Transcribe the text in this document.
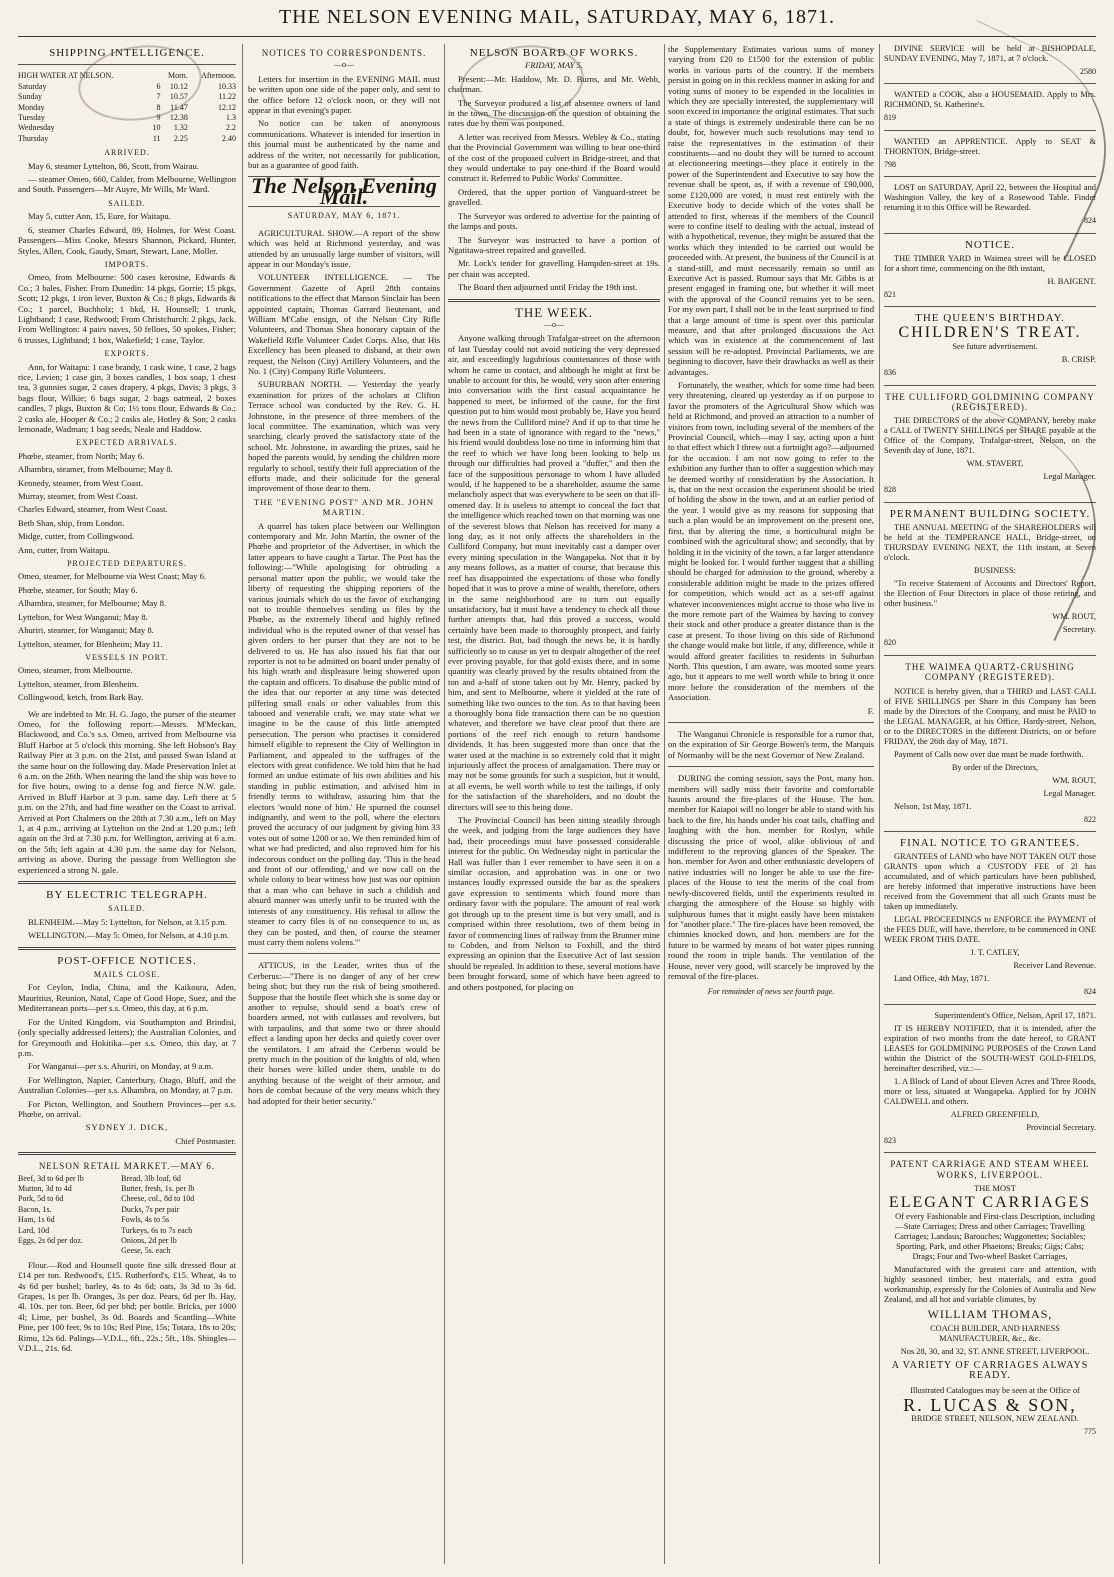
THE NELSON EVENING MAIL, SATURDAY, MAY 6, 1871.
SHIPPING INTELLIGENCE.
HIGH WATER AT NELSON.		Morn.	Afternoon.
Saturday	6	10.12	10.33
Sunday	7	10.57	11.22
Monday	8	11.47	12.12
Tuesday	9	12.38	1.3
Wednesday	10	1.32	2.2
Thursday	11	2.25	2.40
ARRIVED.

May 6, steamer Lyttelton, 86, Scott, from Wairau.

— steamer Omeo, 660, Calder, from Melbourne, Wellington and South. Passengers—Mr Auyre, Mr Wills, Mr Ward.

SAILED.

May 5, cutter Ann, 15, Eure, for Waitapu.

6, steamer Charles Edward, 89, Holmes, for West Coast. Passengers—Miss Cooke, Messrs Shannon, Pickard, Hunter, Styles, Allen, Cook, Gaudy, Smart, Stewart, Lane, Moller.

IMPORTS.

Omeo, from Melbourne: 500 cases kerosine, Edwards & Co.; 3 bales, Fisher. From Dunedin: 14 pkgs, Gorrie; 15 pkgs, Scott; 12 pkgs, 1 iron lever, Buxton & Co.; 8 pkgs, Edwards & Co.; 1 parcel, Buchholz; 1 bkd, H. Hounsell; 1 trunk, Lightband; 1 case, Redwood; From Christchurch: 2 pkgs, Jack. From Wellington: 4 pairs naves, 50 felloes, 50 spokes, Fisher; 6 trusses, Lightband; 1 box, Wakefield; 1 case, Taylor.

EXPORTS.

Ann, for Waitapu: 1 case brandy, 1 cask wine, 1 case, 2 bags rice, Levien; 1 case gin, 3 boxes candles, 1 box soap, 1 chest tea, 3 gunnies sugar, 2 cases drapery, 4 pkgs, Davis; 3 pkgs, 3 bags flour, Wilkie; 6 bags sugar, 2 bags oatmeal, 2 boxes candles, 7 pkgs, Buxton & Co; 1½ tons flour, Edwards & Co.; 2 casks ale, Hooper & Co.; 2 casks ale, Hotley & Son; 2 casks lemonade, Wadman; 1 bag seeds, Neale and Haddow.

EXPECTED ARRIVALS.

Phœbe, steamer, from North; May 6.

Alhambra, steamer, from Melbourne; May 8.

Kennedy, steamer, from West Coast.

Murray, steamer, from West Coast.

Charles Edward, steamer, from West Coast.

Beth Shan, ship, from London.

Midge, cutter, from Collingwood.

Ann, cutter, from Waitapu.

PROJECTED DEPARTURES.

Omeo, steamer, for Melbourne via West Coast; May 6.

Phœbe, steamer, for South; May 6.

Alhambra, steamer, for Melbourne; May 8.

Lyttelton, for West Wanganui; May 8.

Ahuriri, steamer, for Wanganui; May 8.

Lyttelton, steamer, for Blenheim; May 11.

VESSELS IN PORT.

Omeo, steamer, from Melbourne.

Lyttelton, steamer, from Blenheim.

Collingwood, ketch, from Bark Bay.

We are indebted to Mr. H. G. Jago, the purser of the steamer Omeo, for the following report:—Messrs. M'Meckan, Blackwood, and Co.'s s.s. Omeo, arrived from Melbourne via Bluff Harbor at 5 o'clock this morning. She left Hobson's Bay Railway Pier at 3 p.m. on the 21st, and passed Swan Island at the same hour on the following day. Made Preservation Inlet at 6 a.m. on the 26th. When nearing the land the ship was hove to for five hours, owing to a dense fog and fierce N.W. gale. Arrived in Bluff Harbor at 3 p.m. same day. Left there at 5 p.m. on the 27th, and had fine weather on the Coast to arrival. Arrived at Port Chalmers on the 28th at 7.30 a.m., left on May 1, at 4 p.m., arriving at Lyttelton on the 2nd at 1.20 p.m.; left again on the 3rd at 7.30 p.m. for Wellington, arriving at 6 a.m. on the 5th; left again at 4.30 p.m. the same day for Nelson, arriving as above. During the passage from Wellington she experienced a strong N. gale.

BY ELECTRIC TELEGRAPH.
SAILED.

BLENHEIM.—May 5: Lyttelton, for Nelson, at 3.15 p.m.

WELLINGTON.—May 5: Omeo, for Nelson, at 4.10 p.m.

POST-OFFICE NOTICES.
MAILS CLOSE.

For Ceylon, India, China, and the Kaikoura, Aden, Mauritius, Reunion, Natal, Cape of Good Hope, Suez, and the Mediterranean ports—per s.s. Omeo, this day, at 6 p.m.

For the United Kingdom, via Southampton and Brindisi, (only specially addressed letters); the Australian Colonies, and for Greymouth and Hokitika—per s.s. Omeo, this day, at 7 p.m.

For Wanganui—per s.s. Ahuriri, on Monday, at 9 a.m.

For Wellington, Napier, Canterbury, Otago, Bluff, and the Australian Colonies—per s.s. Alhambra, on Monday, at 7 p.m.

For Picton, Wellington, and Southern Provinces—per s.s. Phœbe, on arrival.

SYDNEY J. DICK,

Chief Postmaster.

NELSON RETAIL MARKET.—MAY 6.
Beef, 3d to 6d per lb	Bread, 3lb loaf, 6d
Mutton, 3d to 4d	Butter, fresh, 1s. per lb
Pork, 5d to 6d	Cheese, col., 8d to 10d
Bacon, 1s.	Ducks, 7s per pair
Ham, 1s 6d	Fowls, 4s to 5s
Lard, 10d	Turkeys, 6s to 7s each
Eggs, 2s 6d per doz.	Onions, 2d per lb
	Geese, 5s. each

Flour.—Rod and Hounsell quote fine silk dressed flour at £14 per ton. Redwood's, £15. Rutherford's, £15. Wheat, 4s to 4s 6d per bushel; barley, 4s to 4s 6d; oats, 3s 3d to 3s 6d. Grapes, 1s per lb. Oranges, 3s per doz. Pears, 6d per lb. Hay, 4l. 10s. per ton. Beer, 6d per bhd; per bottle. Bricks, per 1000 4l; Lime, per bushel, 3s 0d. Boards and Scantling—White Pine, per 100 feet, 9s to 10s; Red Pine, 15s; Totara, 18s to 20s; Rimu, 12s 6d. Palings—V.D.L., 6ft., 22s.; 5ft., 18s. Shingles—V.D.L., 21s. 6d.

NOTICES TO CORRESPONDENTS.
—o—

Letters for insertion in the EVENING MAIL must be written upon one side of the paper only, and sent to the office before 12 o'clock noon, or they will not appear in that evening's paper.

No notice can be taken of anonymous communications. Whatever is intended for insertion in this journal must be authenticated by the name and address of the writer, not necessarily for publication, but as a guarantee of good faith.

The Nelson Evening Mail.
SATURDAY, MAY 6, 1871.

AGRICULTURAL SHOW.—A report of the show which was held at Richmond yesterday, and was attended by an unusually large number of visitors, will appear in our Monday's issue.

VOLUNTEER INTELLIGENCE. — The Government Gazette of April 28th contains notifications to the effect that Manson Sinclair has been appointed captain, Thomas Garrard lieutenant, and William M'Cabe ensign, of the Nelson City Rifle Volunteers, and Thomas Shea honorary captain of the Wakefield Rifle Volunteer Cadet Corps. Also, that His Excellency has been pleased to disband, at their own request, the Nelson (City) Artillery Volunteers, and the No. 1 (City) Company Rifle Volunteers.

SUBURBAN NORTH. — Yesterday the yearly examination for prizes of the scholars at Clifton Terrace school was conducted by the Rev. G. H. Johnstone, in the presence of three members of the local committee. The examination, which was very searching, clearly proved the satisfactory state of the school. Mr. Johnstone, in awarding the prizes, said he hoped the parents would, by sending the children more regularly to school, testify their full appreciation of the efforts made, and their solicitude for the general improvement of those dear to them.

THE "EVENING POST" AND MR. JOHN MARTIN.

A quarrel has taken place between our Wellington contemporary and Mr. John Martin, the owner of the Phœbe and proprietor of the Advertiser, in which the latter appears to have caught a Tartar. The Post has the following:—"While apologising for obtruding a personal matter upon the public, we would take the liberty of requesting the shipping reporters of the various journals which do us the favor of exchanging not to trouble themselves sending us files by the Phœbe, as the extremely liberal and highly refined individual who is the reputed owner of that vessel has given orders to her purser that they are not to be delivered to us. He has also issued his fiat that our reporter is not to be admitted on board under penalty of his high wrath and displeasure being showered upon the captain and officers. To disabuse the public mind of the idea that our reporter at any time was detected pilfering small coals or other valuables from this tabooed and venerable craft, we may state what we imagine to be the cause of this little attempted persecution. The person who practises it considered himself eligible to represent the City of Wellington in Parliament, and appealed to the suffrages of the electors with great confidence. We told him that he had formed an undue estimate of his own abilities and his standing in public estimation, and advised him in friendly terms to withdraw, assuring him that the electors 'would none of him.' He spurned the counsel indignantly, and went to the poll, where the electors proved the accuracy of our judgment by giving him 33 votes out of some 1200 or so. We then reminded him of what we had predicted, and also reproved him for his indecorous conduct on the polling day. 'This is the head and front of our offending,' and we now call on the whole colony to bear witness how just was our opinion that a man who can behave in such a childish and absurd manner was utterly unfit to be trusted with the interests of any constituency. His refusal to allow the steamer to carry files is of no consequence to us, as they can be posted, and then, of course the steamer must carry them nolens volens.'"

ATTICUS, in the Leader, writes thus of the Cerberus:—"There is no danger of any of her crew being shot; but they run the risk of being smothered. Suppose that the hostile fleet which she is some day or another to repulse, should send a boat's crew of boarders armed, not with cutlasses and revolvers, but with tarpaulins, and that some two or three should effect a landing upon her decks and quietly cover over the ventilators. I am afraid the Cerberus would be pretty much in the position of the knights of old, when their horses were killed under them, unable to do anything because of the weight of their armour, and hors de combat because of the very means which they had adopted for their better security."

NELSON BOARD OF WORKS.

FRIDAY, MAY 5.

Present:—Mr. Haddow, Mr. D. Burns, and Mr. Webb, chairman.

The Surveyor produced a list of absentee owners of land in the town. The discussion on the question of obtaining the rates due by them was postponed.

A letter was received from Messrs. Webley & Co., stating that the Provincial Government was willing to bear one-third of the cost of the proposed culvert in Bridge-street, and that they would undertake to pay one-third if the Board would construct it. Referred to Public Works' Committee.

Ordered, that the upper portion of Vanguard-street be gravelled.

The Surveyor was ordered to advertise for the painting of the lamps and posts.

The Surveyor was instructed to have a portion of Ngatitawa-street repaired and gravelled.

Mr. Lock's tender for gravelling Hampden-street at 19s. per chain was accepted.

The Board then adjourned until Friday the 19th inst.

THE WEEK.
—o—

Anyone walking through Trafalgar-street on the afternoon of last Tuesday could not avoid noticing the very depressed air, and exceedingly lugubrious countenances of those with whom he came in contact, and although he might at first be unable to account for this, he would, very soon after entering into conversation with the first casual acquaintance he happened to meet, be informed of the cause, for the first question put to him would most probably be, Have you heard the news from the Culliford mine? And if up to that time he had been in a state of ignorance with regard to the "news," his friend would doubtless lose no time in informing him that the reef to which we have long been looking to help us through our difficulties had proved a "duffer," and then the face of the suppositious personage to whom I have alluded would, if he happened to be a shareholder, assume the same melancholy aspect that was everywhere to be seen on that ill-omened day. It is useless to attempt to conceal the fact that the intelligence which reached town on that morning was one of the severest blows that Nelson has received for many a long day, as it not only affects the shareholders in the Culliford Company, but must inevitably cast a damper over every mining speculation in the Wangapeka. Not that it by any means follows, as a matter of course, that because this reef has disappointed the expectations of those who fondly hoped that it was to prove a mine of wealth, therefore, others in the same neighborhood are to turn out equally unsatisfactory, but it must have a tendency to check all those further attempts that, had this proved a success, would certainly have been made to thoroughly prospect, and fairly test, the district. But, bad though the news be, it is hardly sufficiently so to cause us yet to despair altogether of the reef ever proving payable, for that gold exists there, and in some quantity was clearly proved by the results obtained from the ton and a-half of stone taken out by Mr. Henry, packed by him, and sent to Melbourne, where it yielded at the rate of something like two ounces to the ton. As to that having been a thoroughly bona fide transaction there can be no question whatever, and therefore we have clear proof that there are portions of the reef rich enough to return handsome dividends. It has been suggested more than once that the water used at the machine is so extremely cold that it might injuriously affect the process of amalgamation. There may or may not be some grounds for such a suspicion, but it would, at all events, be well worth while to test the tailings, if only for the satisfaction of the shareholders, and no doubt the directors will see to this being done.

The Provincial Council has been sitting steadily through the week, and judging from the large audiences they have had, their proceedings must have possessed considerable interest for the public. On Wednesday night in particular the Hall was fuller than I ever remember to have seen it on a similar occasion, and approbation was in one or two instances loudly expressed outside the bar as the speakers gave expression to sentiments which found more than ordinary favor with the populace. The amount of real work got through up to the present time is but very small, and is comprised within three resolutions, two of them being in favor of commencing lines of railway from the Brunner mine to Cobden, and from Nelson to Foxhill, and the third expressing an opinion that the Executive Act of last session should be repealed. In addition to these, several motions have been brought forward, some of which have been agreed to and others postponed, for placing on

the Supplementary Estimates various sums of money varying from £20 to £1500 for the extension of public works in various parts of the country. If the members persist in going on in this reckless manner in asking for and voting sums of money to be expended in the localities in which they are specially interested, the supplementary will soon exceed in importance the original estimates. That such a state of things is extremely undesirable there can be no doubt, for, however much such resolutions may tend to raise the representatives in the estimation of their constituents—and no doubt they will be turned to account at electioneering meetings—they place it entirely in the power of the Superintendent and Executive to say how the revenue shall be spent, as, if with a revenue of £90,000, some £120,000 are voted, it must rest entirely with the Executive body to decide which of the votes shall be attended to first, whereas if the members of the Council were to confine itself to dealing with the actual, instead of with a hypothetical, revenue, they might be assured that the works which they intended to be carried out would be proceeded with. At present, the business of the Council is at a stand-still, and must necessarily remain so until an Executive Act is passed. Rumour says that Mr. Gibbs is at present engaged in framing one, but whether it will meet with the approval of the Council remains yet to be seen. For my own part, I shall not be in the least surprised to find that a large amount of time is spent over this particular measure, and that after prolonged discussions the Act which was in existence at the commencement of last session will be re-adopted. Provincial Parliaments, we are beginning to discover, have their drawbacks as well as their advantages.

Fortunately, the weather, which for some time had been very threatening, cleared up yesterday as if on purpose to favor the promoters of the Agricultural Show which was held at Richmond, and proved an attraction to a number of visitors from town, including several of the members of the Provincial Council, which—may I say, acting upon a hint to that effect which I threw out a fortnight ago?—adjourned for the occasion. I am not now going to refer to the exhibition any further than to offer a suggestion which may be deemed worthy of consideration by the Association. It is, that on the next occasion the experiment should be tried of holding the show in the town, and at an earlier period of the year. I would give as my reasons for supposing that such a plan would be an improvement on the present one, first, that by altering the time, a horticultural might be combined with the agricultural show; and secondly, that by holding it in the vicinity of the town, a far larger attendance might be looked for. I would further suggest that a shilling should be charged for admission to the ground, whereby a considerable addition might be made to the prizes offered for competition, which would act as a set-off against whatever inconveniences might accrue to those who live in the more remote part of the Waimea by having to convey their stock and other produce a greater distance than is the case at present. To those living on this side of Richmond the change would make but little, if any, difference, while it would afford greater facilities to residents in Suburban North. This question, I am aware, was mooted some years ago, but it appears to me well worth while to bring it once more before the consideration of the members of the Association.

F.

The Wanganui Chronicle is responsible for a rumor that, on the expiration of Sir George Bowen's term, the Marquis of Normanby will be the next Governor of New Zealand.

DURING the coming session, says the Post, many hon. members will sadly miss their favorite and comfortable haunts around the fire-places of the House. The hon. member for Kaiapoi will no longer be able to stand with his back to the fire, his hands under his coat tails, chaffing and laughing with the hon. member for Roslyn, while discussing the price of wool, alike oblivious of and indifferent to the reproving glances of the Speaker. The hon. member for Avon and other enthusiastic developers of native industries will no longer be able to use the fire-places of the House to test the merits of the coal from newly-discovered fields, until the experiments resulted in charging the atmosphere of the House so highly with sulphurous fumes that it might easily have been mistaken for "another place." The fire-places have been removed, the chimnies knocked down, and hon. members are for the future to be warmed by means of hot water pipes running round the room in triple bands. The ventilation of the House, never very good, will scarcely be improved by the removal of the fire-places.

For remainder of news see fourth page.

DIVINE SERVICE will be held at BISHOPDALE, SUNDAY EVENING, May 7, 1871, at 7 o'clock.

2580

WANTED a COOK, also a HOUSEMAID. Apply to Mrs. RICHMOND, St. Katherine's.

819

WANTED an APPRENTICE. Apply to SEAT & THORNTON, Bridge-street.

798

LOST on SATURDAY, April 22, between the Hospital and Washington Valley, the key of a Rosewood Table. Finder returning it to this Office will be Rewarded.

824
NOTICE.

THE TIMBER YARD in Waimea street will be CLOSED for a short time, commencing on the 8th instant,

H. BAIGENT.

821
THE QUEEN'S BIRTHDAY.
CHILDREN'S TREAT.

See future advertisement.

B. CRISP.

836
THE CULLIFORD GOLDMINING COMPANY (REGISTERED).

THE DIRECTORS of the above COMPANY, hereby make a CALL of TWENTY SHILLINGS per SHARE payable at the Office of the Company, Trafalgar-street, Nelson, on the Seventh day of June, 1871.

WM. STAVERT,

Legal Manager.

828
PERMANENT BUILDING SOCIETY.

THE ANNUAL MEETING of the SHAREHOLDERS will be held at the TEMPERANCE HALL, Bridge-street, on THURSDAY EVENING NEXT, the 11th instant, at Seven o'clock.

BUSINESS:

"To receive Statement of Accounts and Directors' Report, the Election of Four Directors in place of those retiring, and other business."

WM. ROUT,

Secretary.

820
THE WAIMEA QUARTZ-CRUSHING COMPANY (REGISTERED).

NOTICE is hereby given, that a THIRD and LAST CALL of FIVE SHILLINGS per Share in this Company has been made by the Directors of the Company, and must be PAID to the LEGAL MANAGER, at his Office, Hardy-street, Nelson, or to the DIRECTORS in the different Districts, on or before FRIDAY, the 26th day of May, 1871.

Payment of Calls now over due must be made forthwith.

By order of the Directors,

WM. ROUT,

Legal Manager.

Nelson, 1st May, 1871.

822
FINAL NOTICE TO GRANTEES.

GRANTEES of LAND who have NOT TAKEN OUT those GRANTS upon which a CUSTODY FEE of 2l has accumulated, and of which particulars have been published, are hereby informed that imperative instructions have been received from the Government that all such Grants must be taken up immediately.

LEGAL PROCEEDINGS to ENFORCE the PAYMENT of the FEES DUE, will have, therefore, to be commenced in ONE WEEK FROM THIS DATE.

J. T. CATLEY,

Receiver Land Revenue.

Land Office, 4th May, 1871.

824

Superintendent's Office, Nelson, April 17, 1871.

IT IS HEREBY NOTIFIED, that it is intended, after the expiration of two months from the date hereof, to GRANT LEASES for GOLDMINING PURPOSES of the Crown Land within the District of the SOUTH-WEST GOLD-FIELDS, hereinafter described, viz.:—

1. A Block of Land of about Eleven Acres and Three Roods, more or less, situated at Wangapeka. Applied for by JOHN CALDWELL and others.

ALFRED GREENFIELD,

Provincial Secretary.

823
PATENT CARRIAGE AND STEAM WHEEL WORKS, LIVERPOOL.

THE MOST

ELEGANT CARRIAGES

Of every Fashionable and First-class Description, including—State Carriages; Dress and other Carriages; Travelling Carriages; Landaus; Barouches; Waggonettes; Sociables; Sporting, Park, and other Phaetons; Breaks; Gigs; Cabs; Drags; Four and Two-wheel Basket Carriages,

Manufactured with the greatest care and attention, with highly seasoned timber, best materials, and extra good workmanship, expressly for the Colonies of Australia and New Zealand, and all hot and variable climates, by

WILLIAM THOMAS,

COACH BUILDER, AND HARNESS MANUFACTURER, &c., &c.

Nos 28, 30, and 32, ST. ANNE STREET, LIVERPOOL.

A VARIETY OF CARRIAGES ALWAYS READY.

Illustrated Catalogues may be seen at the Office of

R. LUCAS & SON,

BRIDGE STREET, NELSON, NEW ZEALAND.

775
